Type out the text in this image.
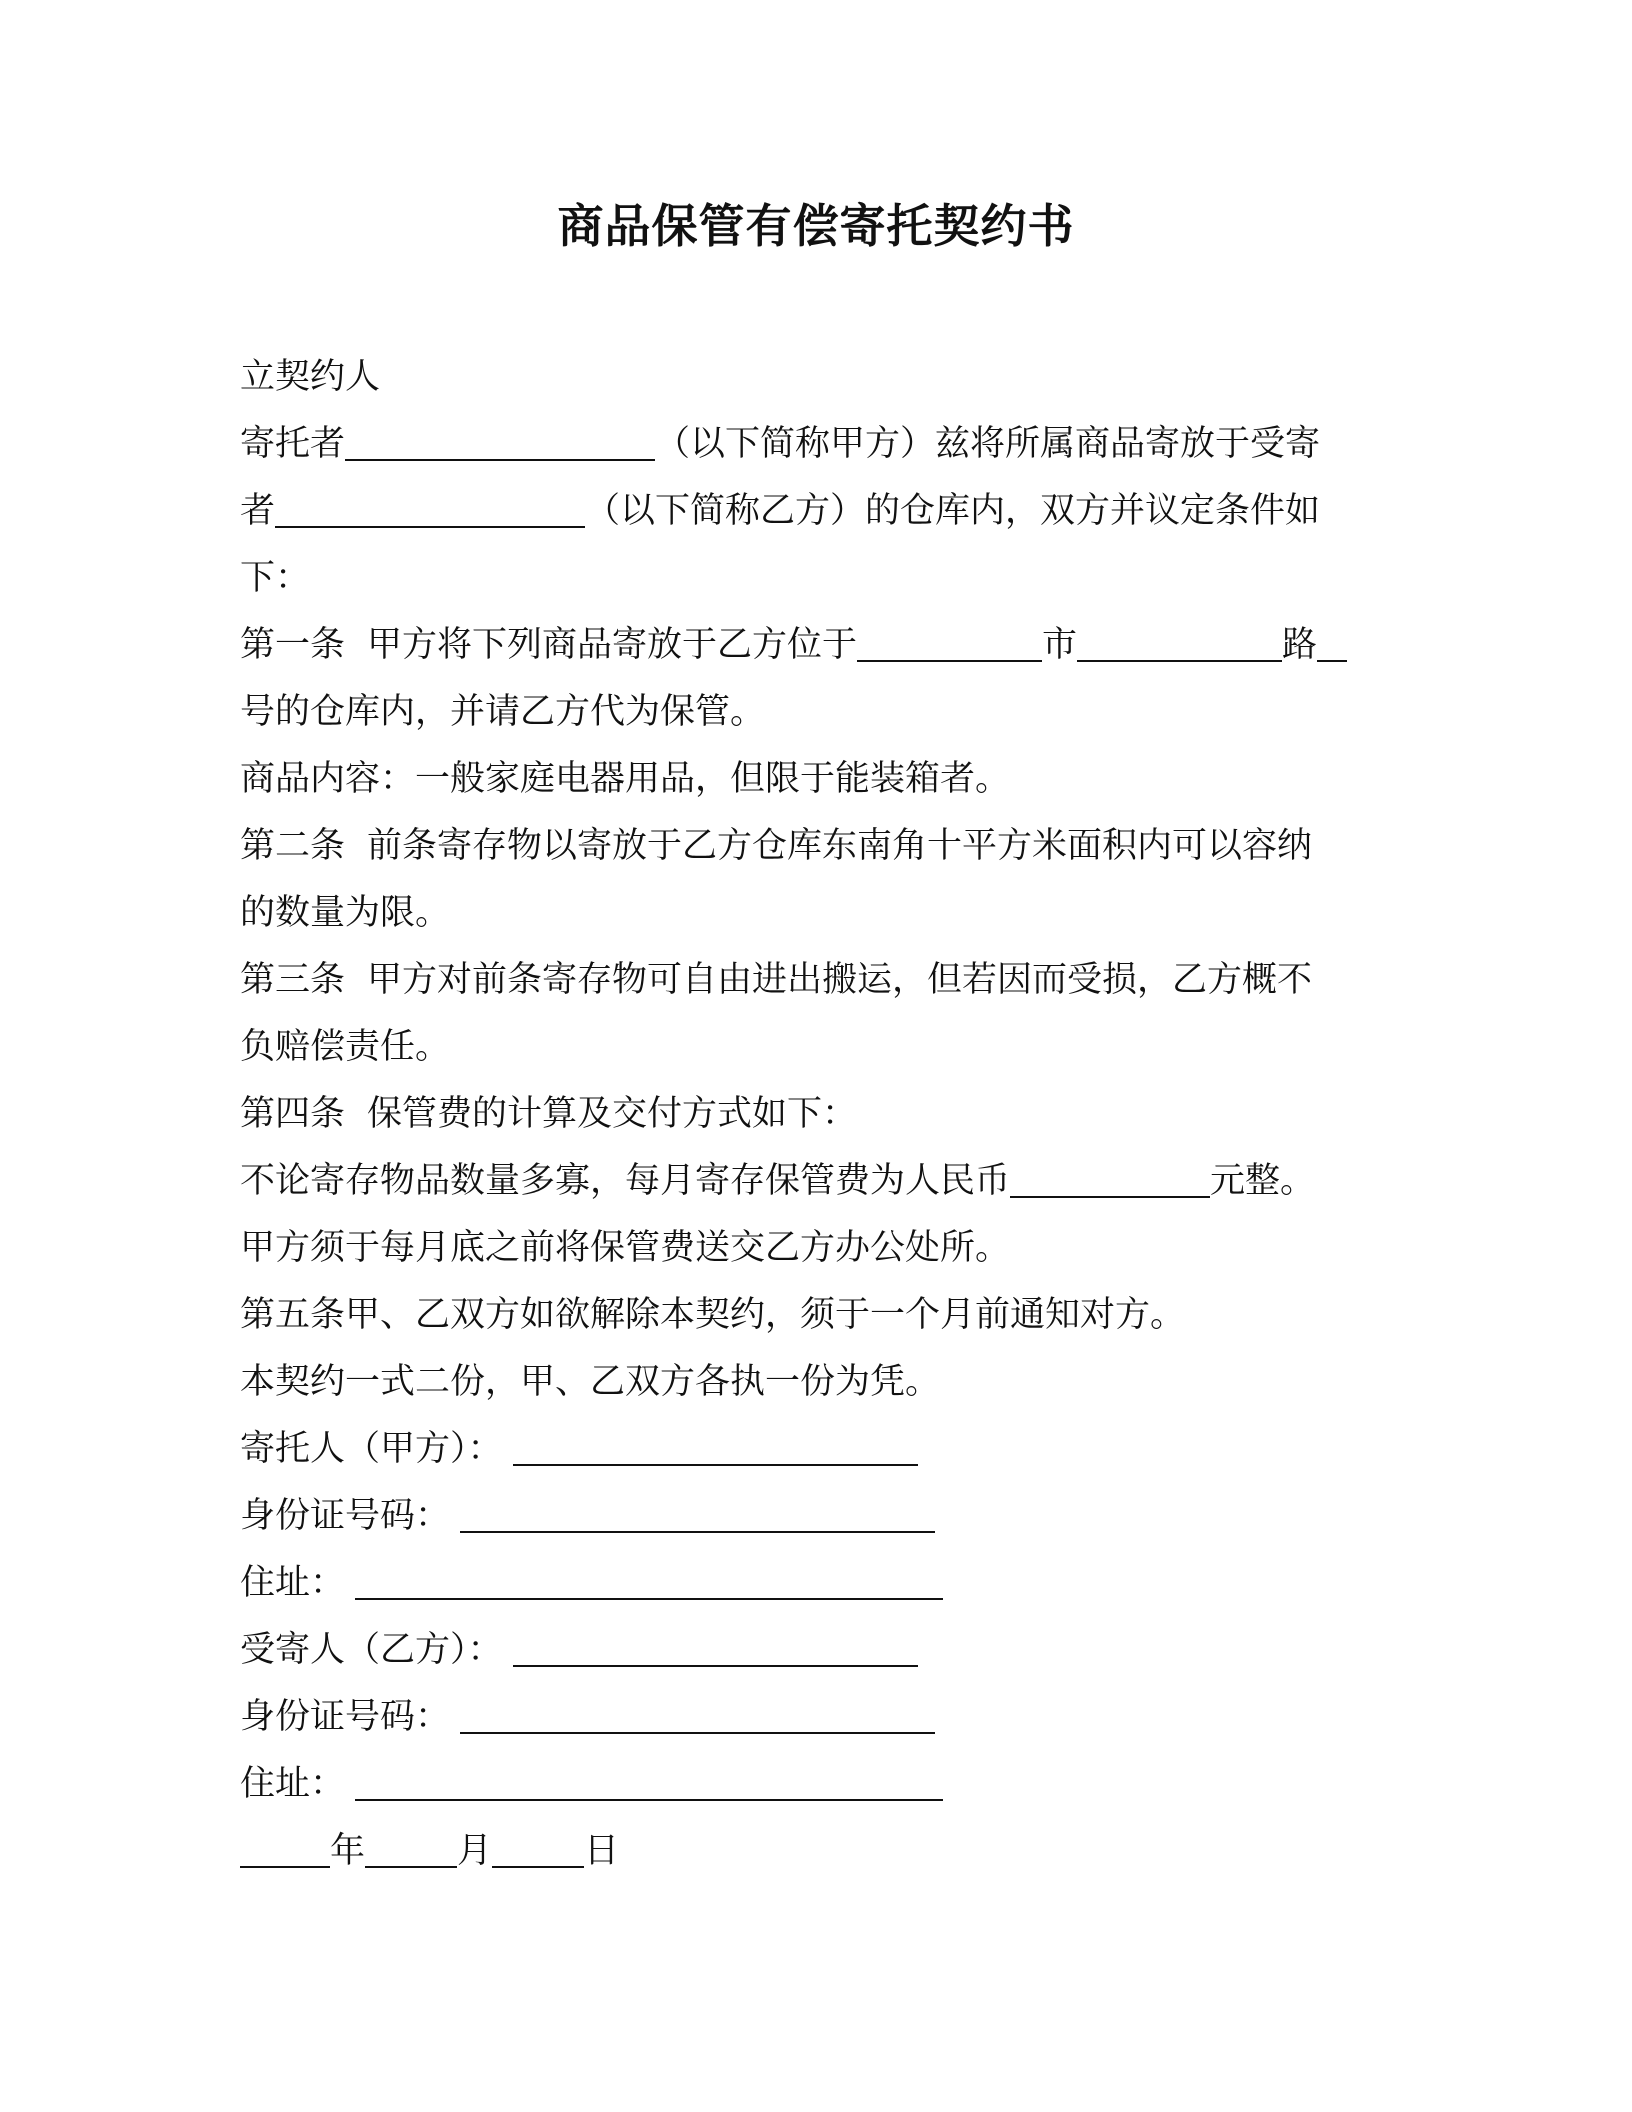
商品保管有偿寄托契约书
立契约人
寄托者	（以下简称甲方）兹将所属商品寄放于受寄
者	（以下简称乙方）的仓库内，双方并议定条件如
下：
第一条 甲方将下列商品寄放于乙方位于	市	路
号的仓库内，并请乙方代为保管。
商品内容：一般家庭电器用品，但限于能装箱者。
第二条 前条寄存物以寄放于乙方仓库东南角十平方米面积内可以容纳
的数量为限。
第三条 甲方对前条寄存物可自由进出搬运，但若因而受损，乙方概不
负赔偿责任。
第四条 保管费的计算及交付方式如下：
不论寄存物品数量多寡，每月寄存保管费为人民币	元整。
甲方须于每月底之前将保管费送交乙方办公处所。
第五条甲、乙双方如欲解除本契约，须于一个月前通知对方。
本契约一式二份，甲、乙双方各执一份为凭。
寄托人（甲方）：
身份证号码：
住址：
受寄人（乙方）：
身份证号码：
住址：
年	月	日
